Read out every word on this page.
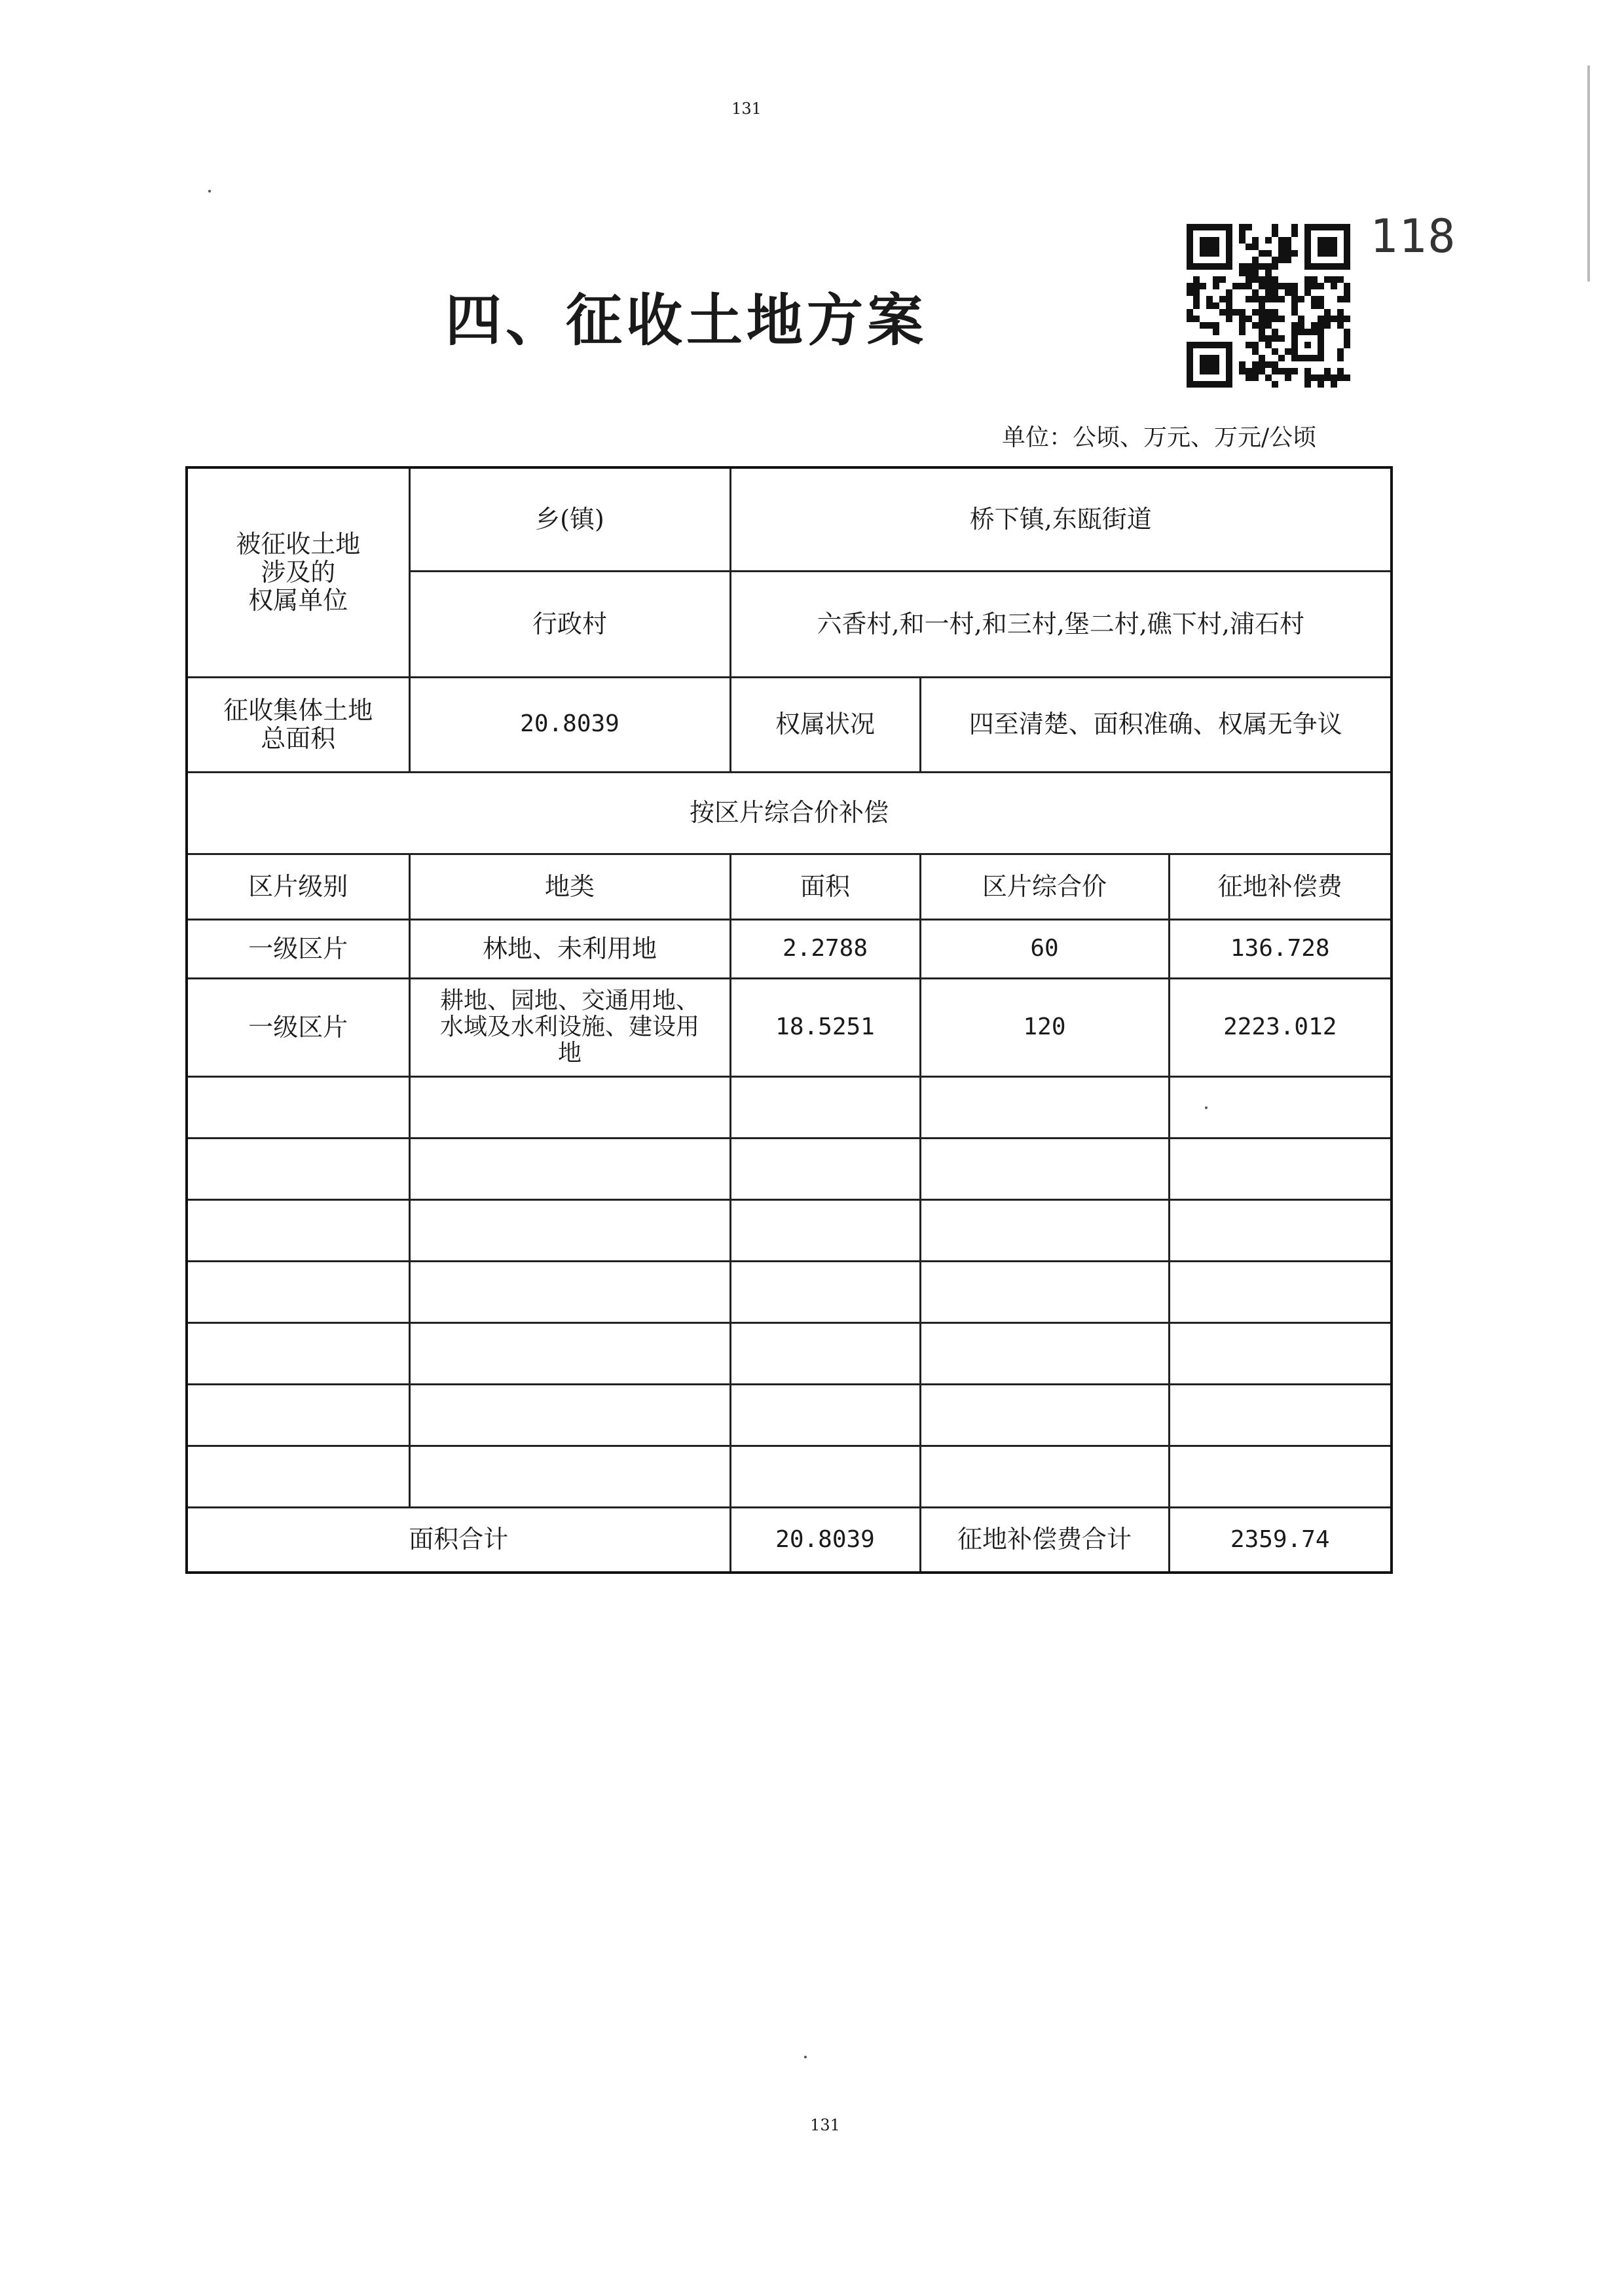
131
四、征收土地方案
118
单位：公顷、万元、万元/公顷
被征收土地
涉及的
权属单位	乡(镇)	桥下镇,东瓯街道		
	行政村	六香村,和一村,和三村,堡二村,礁下村,浦石村		
征收集体土地
总面积	20.8039	权属状况	四至清楚、面积准确、权属无争议	
按区片综合价补偿				
区片级别	地类	面积	区片综合价	征地补偿费
一级区片	林地、未利用地	2.2788	60	136.728
一级区片	耕地、园地、交通用地、
水域及水利设施、建设用
地	18.5251	120	2223.012

面积合计		20.8039	征地补偿费合计	2359.74
131
